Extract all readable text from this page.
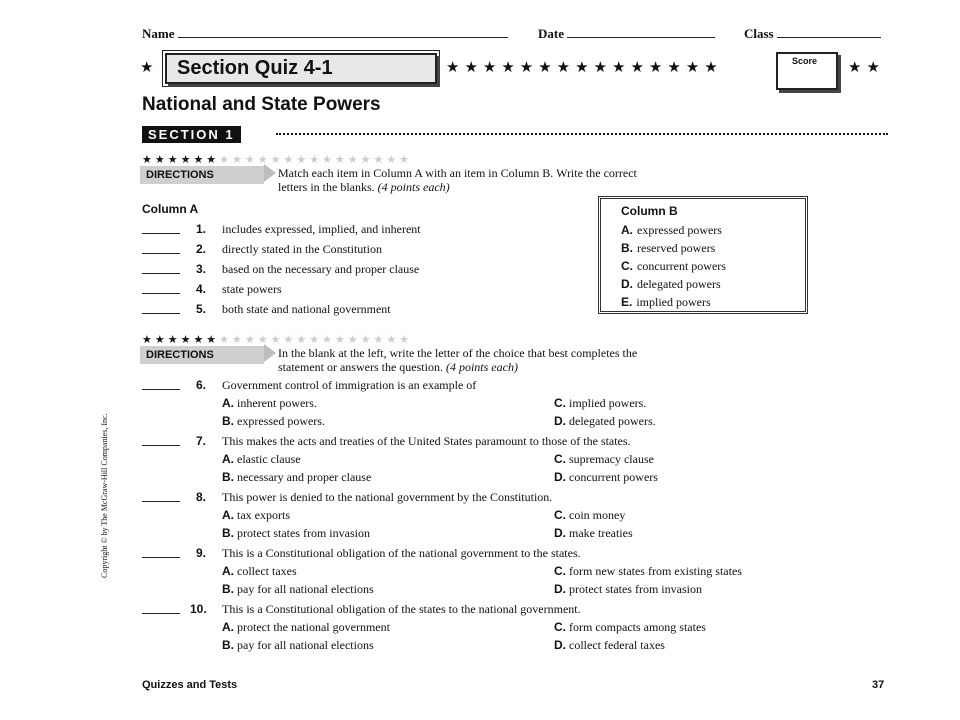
Name	Date	Class
★ Section Quiz 4-1	★★★★★★★★★★★★★★★	Score	★★
National and State Powers
SECTION 1
★★★★★★★★★★★★★★★★★★★★★
DIRECTIONS	Match each item in Column A with an item in Column B. Write the correct
letters in the blanks. (4 points each)
Column A
1. includes expressed, implied, and inherent
2. directly stated in the Constitution
3. based on the necessary and proper clause
4. state powers
5. both state and national government
Column B
A. expressed powers
B. reserved powers
C. concurrent powers
D. delegated powers
E. implied powers
★★★★★★★★★★★★★★★★★★★★★
DIRECTIONS	In the blank at the left, write the letter of the choice that best completes the
statement or answers the question. (4 points each)
6. Government control of immigration is an example of
A. inherent powers.
B. expressed powers.
C. implied powers.
D. delegated powers.
7. This makes the acts and treaties of the United States paramount to those of the states.
A. elastic clause
B. necessary and proper clause
C. supremacy clause
D. concurrent powers
8. This power is denied to the national government by the Constitution.
A. tax exports
B. protect states from invasion
C. coin money
D. make treaties
9. This is a Constitutional obligation of the national government to the states.
A. collect taxes
B. pay for all national elections
C. form new states from existing states
D. protect states from invasion
10. This is a Constitutional obligation of the states to the national government.
A. protect the national government
B. pay for all national elections
C. form compacts among states
D. collect federal taxes
Quizzes and Tests	37
Copyright © by The McGraw-Hill Companies, Inc.
